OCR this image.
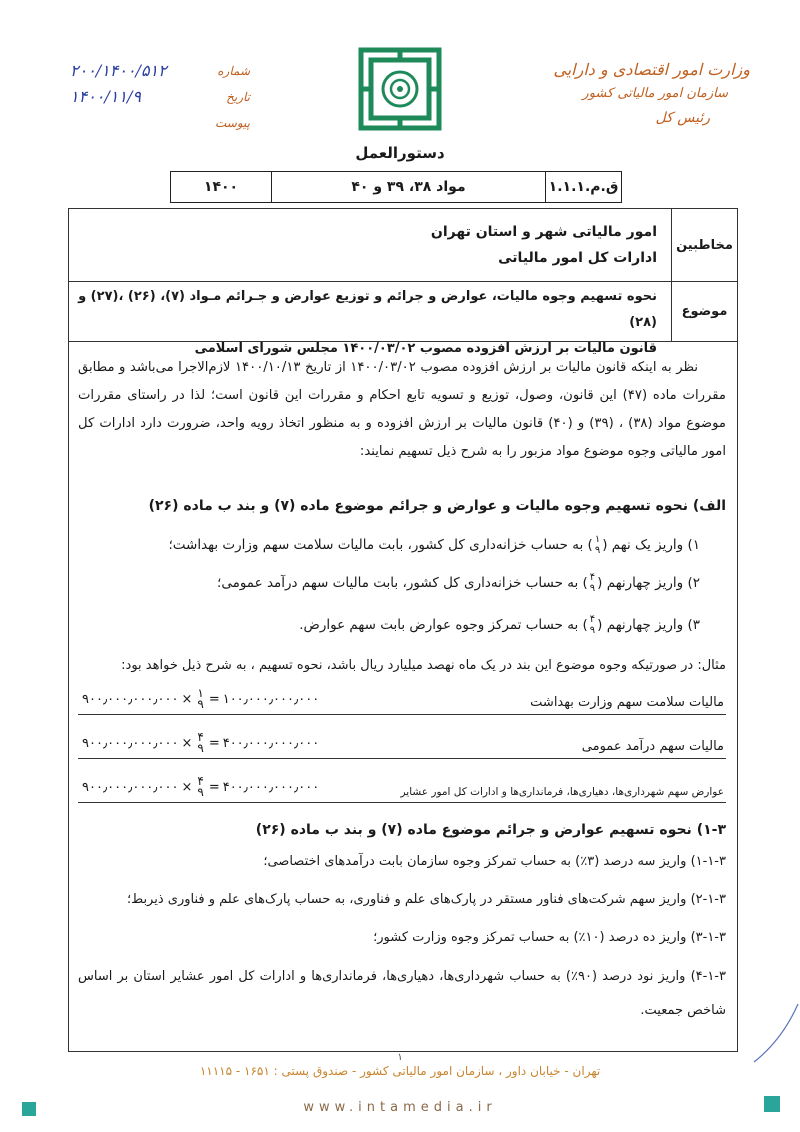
وزارت امور اقتصادی و دارایی
سازمان امور مالیاتی کشور
رئیس کل
شماره
۲۰۰/۱۴۰۰/۵۱۲
تاریخ
۱۴۰۰/۱۱/۹
پیوست
دستورالعمل
ق.م.۱.۱.۱
مواد ۳۸، ۳۹ و ۴۰
۱۴۰۰
مخاطبین
امور مالیاتی شهر و استان تهران
ادارات کل امور مالیاتی
موضوع
نحوه تسهیم وجوه مالیات، عوارض و جرائم و توزیع عوارض و جـرائم مـواد (۷)، (۲۶) ،(۲۷) و (۲۸)
قانون مالیات بر ارزش افزوده مصوب ۱۴۰۰/۰۳/۰۲ مجلس شورای اسلامی
نظر به اینکه قانون مالیات بر ارزش افزوده مصوب ۱۴۰۰/۰۳/۰۲ از تاریخ ۱۴۰۰/۱۰/۱۳ لازم‌الاجرا می‌باشد و مطابق مقررات ماده (۴۷) این قانون، وصول، توزیع و تسویه تابع احکام و مقررات این قانون است؛ لذا در راستای مقررات موضوع مواد (۳۸) ، (۳۹) و (۴۰) قانون مالیات بر ارزش افزوده و به منظور اتخاذ رویه واحد، ضرورت دارد ادارات کل امور مالیاتی وجوه موضوع مواد مزبور را به شرح ذیل تسهیم نمایند:
الف) نحوه تسهیم وجوه مالیات و عوارض و جرائم موضوع ماده (۷) و بند ب ماده (۲۶)
۱) واریز یک نهم (
۱
۹
) به حساب خزانه‌داری کل کشور، بابت مالیات سلامت سهم وزارت بهداشت؛
۲) واریز چهارنهم (
۴
۹
) به حساب خزانه‌داری کل کشور، بابت مالیات سهم درآمد عمومی؛
۳) واریز چهارنهم (
۴
۹
) به حساب تمرکز وجوه عوارض بابت سهم عوارض.
مثال: در صورتیکه وجوه موضوع این بند در یک ماه نهصد میلیارد ریال باشد، نحوه تسهیم ، به شرح ذیل خواهد بود:
مالیات سلامت سهم وزارت بهداشت
۹۰۰٫۰۰۰٫۰۰۰٫۰۰۰ × ۱
۹ = ۱۰۰٫۰۰۰٫۰۰۰٫۰۰۰
مالیات سهم درآمد عمومی
۹۰۰٫۰۰۰٫۰۰۰٫۰۰۰ × ۴
۹ = ۴۰۰٫۰۰۰٫۰۰۰٫۰۰۰
عوارض سهم شهرداری‌ها، دهیاری‌ها، فرمانداری‌ها و ادارات کل امور عشایر
۹۰۰٫۰۰۰٫۰۰۰٫۰۰۰ × ۴
۹ = ۴۰۰٫۰۰۰٫۰۰۰٫۰۰۰
۱-۳) نحوه تسهیم عوارض و جرائم موضوع ماده (۷) و بند ب ماده (۲۶)
۱-۱-۳) واریز سه درصد (۳٪) به حساب تمرکز وجوه سازمان بابت درآمدهای اختصاصی؛
۲-۱-۳) واریز سهم شرکت‌های فناور مستقر در پارک‌های علم و فناوری، به حساب پارک‌های علم و فناوری ذیربط؛
۳-۱-۳) واریز ده درصد (۱۰٪) به حساب تمرکز وجوه وزارت کشور؛
۴-۱-۳) واریز نود درصد (۹۰٪) به حساب شهرداری‌ها، دهیاری‌ها، فرمانداری‌ها و ادارات کل امور عشایر استان بر اساس شاخص جمعیت.
۱
تهران - خیابان داور ، سازمان امور مالیاتی کشور - صندوق پستی : ۱۶۵۱ - ۱۱۱۱۵
www.intamedia.ir
